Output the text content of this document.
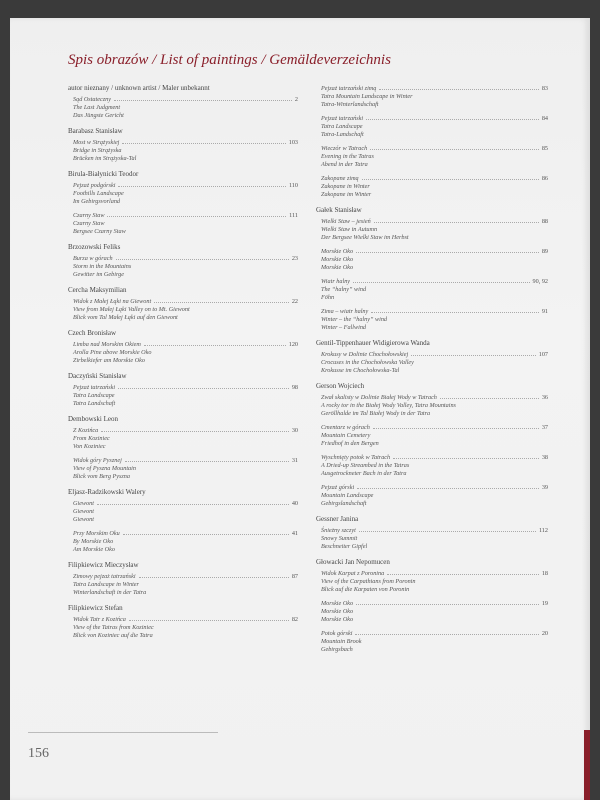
Spis obrazów / List of paintings / Gemäldeverzeichnis
autor nieznany / unknown artist / Maler unbekannt
Sąd Ostateczny	2
The Last Judgment
Das Jüngste Gericht
Barabasz Stanisław
Most w Strążyskiej	103
Bridge in Strążyska
Brücken im Strążyska-Tal
Birula-Białynicki Teodor
Pejzaż podgórski	110
Foothills Landscape
Im Gebirgsvorland
Czarny Staw	111
Czarny Staw
Bergsee Czarny Staw
Brzozowski Feliks
Burza w górach	23
Storm in the Mountains
Gewitter im Gebirge
Cercha Maksymilian
Widok z Małej Łąki na Giewont	22
View from Małej Łąki Valley on to Mt. Giewont
Blick vom Tal Małej Łąki auf den Giewont
Czech Bronisław
Limba nad Morskim Okiem	120
Arolla Pine above Morskie Oko
Zirbelkiefer am Morskie Oko
Daczyński Stanisław
Pejzaż tatrzański	98
Tatra Landscape
Tatra Landschaft
Dembowski Leon
Z Kozińca	30
From Koziniec
Von Koziniec
Widok góry Pysznej	31
View of Pyszna Mountain
Blick vom Berg Pyszna
Eljasz-Radzikowski Walery
Giewont	40
Giewont
Giewont
Przy Morskim Oku	41
By Morskie Oko
Am Morskie Oko
Filipkiewicz Mieczysław
Zimowy pejzaż tatrzański	87
Tatra Landscape in Winter
Winterlandschaft in der Tatra
Filipkiewicz Stefan
Widok Tatr z Kozińca	82
View of the Tatras from Koziniec
Blick von Koziniec auf die Tatra
Pejzaż tatrzański zimą	83
Tatra Mountain Landscape in Winter
Tatra-Winterlandschaft
Pejzaż tatrzański	84
Tatra Landscape
Tatra-Landschaft
Wieczór w Tatrach	85
Evening in the Tatras
Abend in der Tatra
Zakopane zimą	86
Zakopane in Winter
Zakopane im Winter
Gałek Stanisław
Wielki Staw – jesień	88
Wielki Staw in Autumn
Der Bergsee Wielki Staw im Herbst
Morskie Oko	89
Morskie Oko
Morskie Oko
Wiatr halny	90, 92
The “halny” wind
Föhn
Zima – wiatr halny	91
Winter – the “halny” wind
Winter – Fallwind
Gentil-Tippenhauer Widigierowa Wanda
Krokusy w Dolinie Chochołowskiej	107
Crocuses in the Chochołowska Valley
Krokusse im Chochołowska-Tal
Gerson Wojciech
Zwał skalisty w Dolinie Białej Wody w Tatrach	36
A rocky tor in the Białej Wody Valley, Tatra Mountains
Geröllhalde im Tal Białej Wody in der Tatra
Cmentarz w górach	37
Mountain Cemetery
Friedhof in den Bergen
Wyschnięty potok w Tatrach	38
A Dried-up Streambed in the Tatras
Ausgetrockneter Bach in der Tatra
Pejzaż górski	39
Mountain Landscape
Gebirgslandschaft
Gessner Janina
Śnieżny szczyt	112
Snowy Summit
Beschneiter Gipfel
Głowacki Jan Nepomucen
Widok Karpat z Poronina	18
View of the Carpathians from Poronin
Blick auf die Karpaten von Poronin
Morskie Oko	19
Morskie Oko
Morskie Oko
Potok górski	20
Mountain Brook
Gebirgsbach
156
